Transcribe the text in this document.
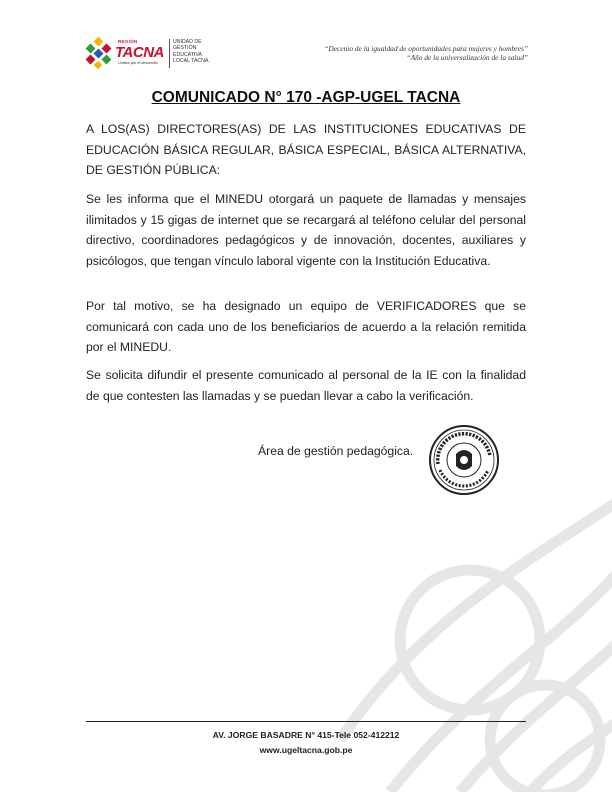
REGIÓN
TACNA
Unidos por el desarrollo
UNIDAD DE
GESTIÓN
EDUCATIVA
LOCAL TACNA.
“Decenio de la igualdad de oportunidades para mujeres y hombres”
“Año de la universalización de la salud”
COMUNICADO N° 170 -AGP-UGEL TACNA

A LOS(AS) DIRECTORES(AS) DE LAS INSTITUCIONES EDUCATIVAS DE EDUCACIÓN BÁSICA REGULAR, BÁSICA ESPECIAL, BÁSICA ALTERNATIVA, DE GESTIÓN PÚBLICA:

Se les informa que el MINEDU otorgará un paquete de llamadas y mensajes ilimitados y 15 gigas de internet que se recargará al teléfono celular del personal directivo, coordinadores pedagógicos y de innovación, docentes, auxiliares y psicólogos, que tengan vínculo laboral vigente con la Institución Educativa.

Por tal motivo, se ha designado un equipo de VERIFICADORES que se comunicará con cada uno de los beneficiarios de acuerdo a la relación remitida por el MINEDU.

Se solicita difundir el presente comunicado al personal de la IE con la finalidad de que contesten las llamadas y se puedan llevar a cabo la verificación.

Área de gestión pedagógica.
AV. JORGE BASADRE N° 415-Tele 052-412212
www.ugeltacna.gob.pe
